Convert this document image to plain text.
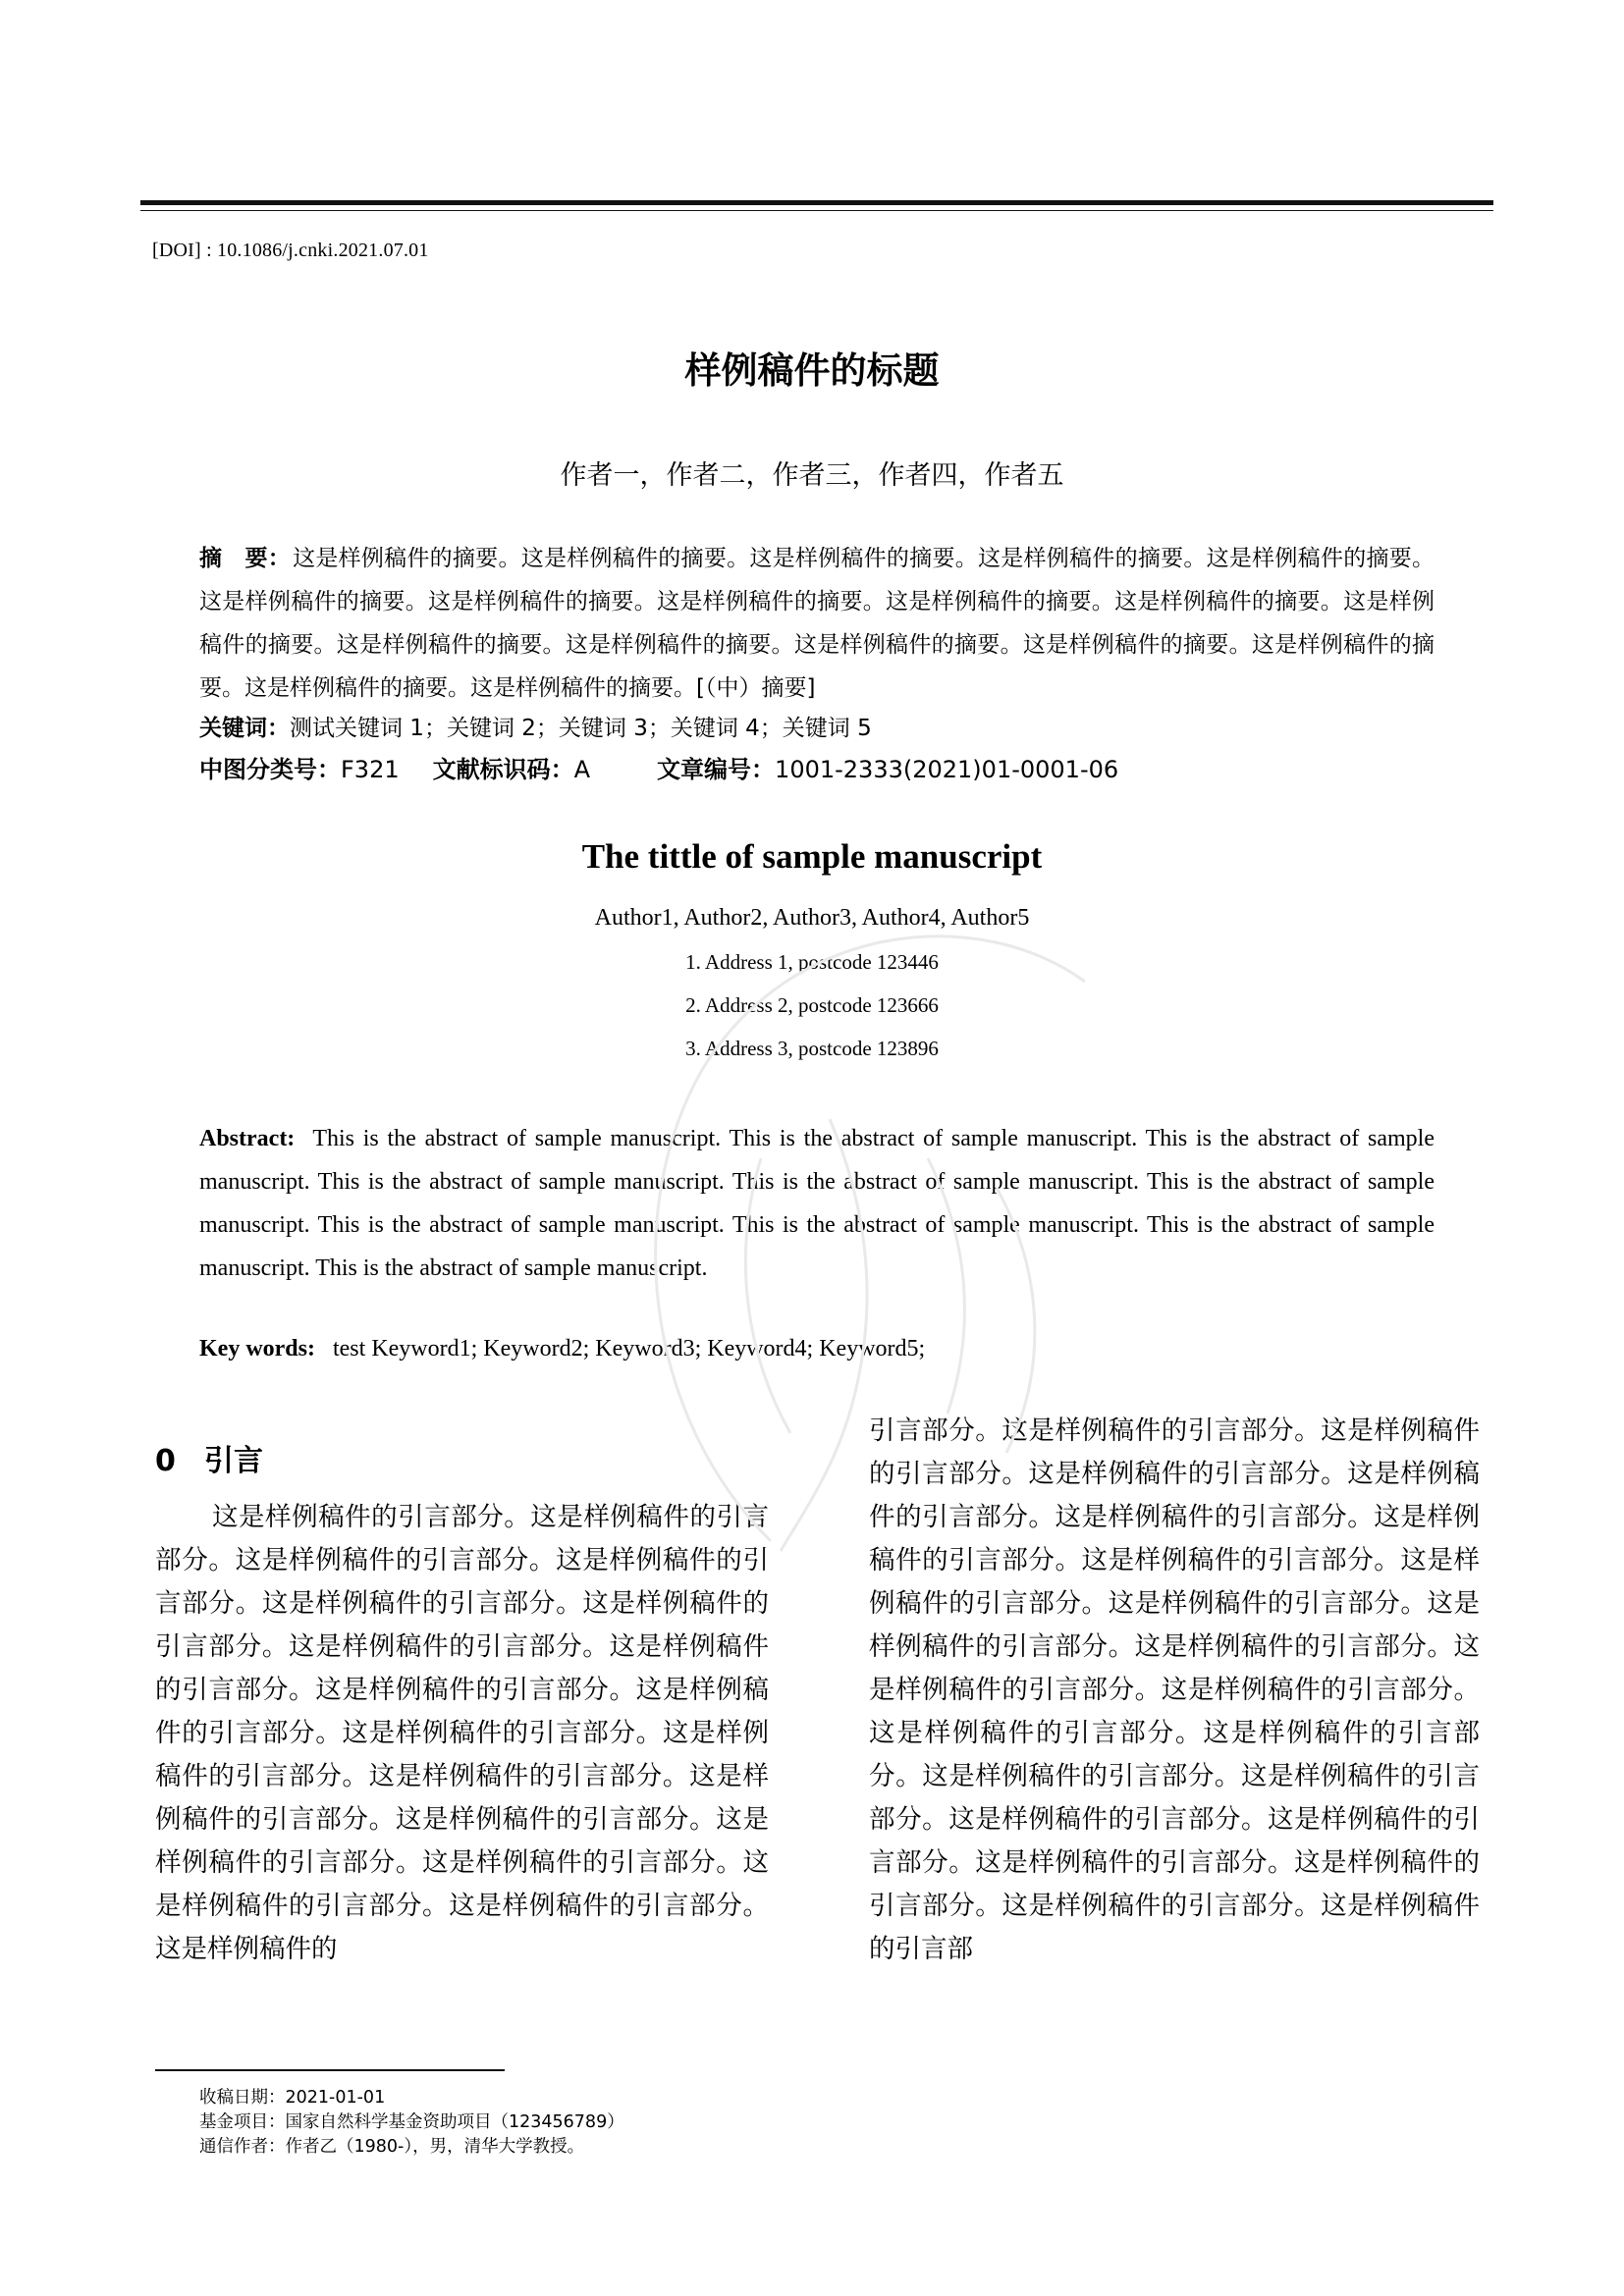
[DOI] : 10.1086/j.cnki.2021.07.01
样例稿件的标题
作者一，作者二，作者三，作者四，作者五
摘　要：这是样例稿件的摘要。这是样例稿件的摘要。这是样例稿件的摘要。这是样例稿件的摘要。这是样例稿件的摘要。这是样例稿件的摘要。这是样例稿件的摘要。这是样例稿件的摘要。这是样例稿件的摘要。这是样例稿件的摘要。这是样例稿件的摘要。这是样例稿件的摘要。这是样例稿件的摘要。这是样例稿件的摘要。这是样例稿件的摘要。这是样例稿件的摘要。这是样例稿件的摘要。这是样例稿件的摘要。[（中）摘要]
关键词：测试关键词 1；关键词 2；关键词 3；关键词 4；关键词 5
中图分类号：F321 文献标识码：A	文章编号：1001-2333(2021)01-0001-06
The tittle of sample manuscript
Author1, Author2, Author3, Author4, Author5
1. Address 1, postcode 123446
2. Address 2, postcode 123666
3. Address 3, postcode 123896
Abstract: This is the abstract of sample manuscript. This is the abstract of sample manuscript. This is the abstract of sample manuscript. This is the abstract of sample manuscript. This is the abstract of sample manuscript. This is the abstract of sample manuscript. This is the abstract of sample manuscript. This is the abstract of sample manuscript. This is the abstract of sample manuscript. This is the abstract of sample manuscript.
Key words: test Keyword1; Keyword2; Keyword3; Keyword4; Keyword5;
0 引言
这是样例稿件的引言部分。这是样例稿件的引言部分。这是样例稿件的引言部分。这是样例稿件的引言部分。这是样例稿件的引言部分。这是样例稿件的引言部分。这是样例稿件的引言部分。这是样例稿件的引言部分。这是样例稿件的引言部分。这是样例稿件的引言部分。这是样例稿件的引言部分。这是样例稿件的引言部分。这是样例稿件的引言部分。这是样例稿件的引言部分。这是样例稿件的引言部分。这是样例稿件的引言部分。这是样例稿件的引言部分。这是样例稿件的引言部分。这是样例稿件的引言部分。这是样例稿件的
引言部分。这是样例稿件的引言部分。这是样例稿件的引言部分。这是样例稿件的引言部分。这是样例稿件的引言部分。这是样例稿件的引言部分。这是样例稿件的引言部分。这是样例稿件的引言部分。这是样例稿件的引言部分。这是样例稿件的引言部分。这是样例稿件的引言部分。这是样例稿件的引言部分。这是样例稿件的引言部分。这是样例稿件的引言部分。这是样例稿件的引言部分。这是样例稿件的引言部分。这是样例稿件的引言部分。这是样例稿件的引言部分。这是样例稿件的引言部分。这是样例稿件的引言部分。这是样例稿件的引言部分。这是样例稿件的引言部分。这是样例稿件的引言部分。这是样例稿件的引言部
收稿日期：2021-01-01
基金项目：国家自然科学基金资助项目（123456789）
通信作者：作者乙（1980-），男，清华大学教授。
